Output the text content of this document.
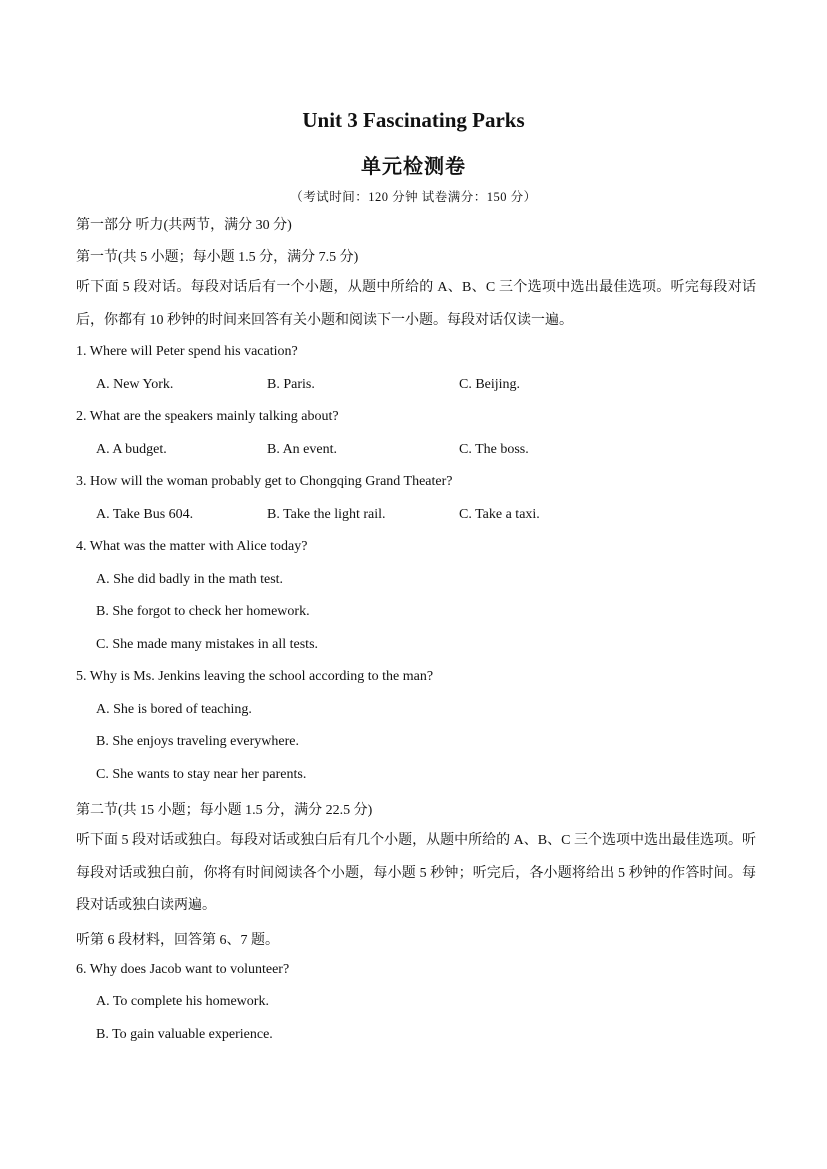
Unit 3 Fascinating Parks
单元检测卷
（考试时间：120 分钟 试卷满分：150 分）
第一部分 听力(共两节，满分 30 分)
第一节(共 5 小题；每小题 1.5 分，满分 7.5 分)
听下面 5 段对话。每段对话后有一个小题，从题中所给的 A、B、C 三个选项中选出最佳选项。听完每段对话后，你都有 10 秒钟的时间来回答有关小题和阅读下一小题。每段对话仅读一遍。
1. Where will Peter spend his vacation?
A. New York.	B. Paris.	C. Beijing.
2. What are the speakers mainly talking about?
A. A budget.	B. An event.	C. The boss.
3. How will the woman probably get to Chongqing Grand Theater?
A. Take Bus 604.	B. Take the light rail.	C. Take a taxi.
4. What was the matter with Alice today?
A. She did badly in the math test.
B. She forgot to check her homework.
C. She made many mistakes in all tests.
5. Why is Ms. Jenkins leaving the school according to the man?
A. She is bored of teaching.
B. She enjoys traveling everywhere.
C. She wants to stay near her parents.
第二节(共 15 小题；每小题 1.5 分，满分 22.5 分)
听下面 5 段对话或独白。每段对话或独白后有几个小题，从题中所给的 A、B、C 三个选项中选出最佳选项。听每段对话或独白前，你将有时间阅读各个小题，每小题 5 秒钟；听完后，各小题将给出 5 秒钟的作答时间。每段对话或独白读两遍。
听第 6 段材料，回答第 6、7 题。
6. Why does Jacob want to volunteer?
A. To complete his homework.
B. To gain valuable experience.
